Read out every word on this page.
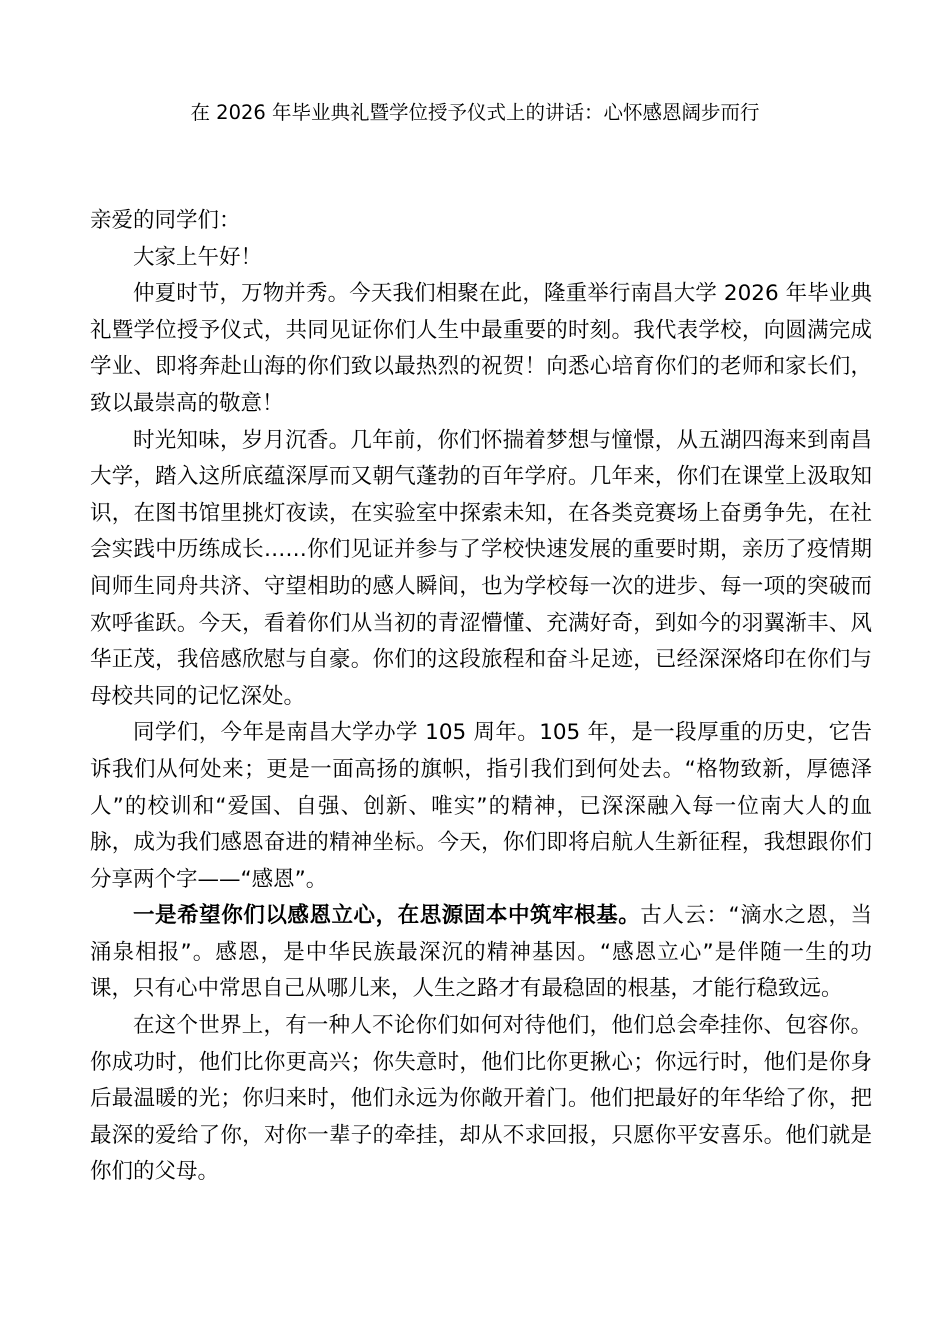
在 2026 年毕业典礼暨学位授予仪式上的讲话：心怀感恩阔步而行

亲爱的同学们：

大家上午好！

仲夏时节，万物并秀。今天我们相聚在此，隆重举行南昌大学 2026 年毕业典礼暨学位授予仪式，共同见证你们人生中最重要的时刻。我代表学校，向圆满完成学业、即将奔赴山海的你们致以最热烈的祝贺！向悉心培育你们的老师和家长们，致以最崇高的敬意！

时光知味，岁月沉香。几年前，你们怀揣着梦想与憧憬，从五湖四海来到南昌大学，踏入这所底蕴深厚而又朝气蓬勃的百年学府。几年来，你们在课堂上汲取知识，在图书馆里挑灯夜读，在实验室中探索未知，在各类竞赛场上奋勇争先，在社会实践中历练成长……你们见证并参与了学校快速发展的重要时期，亲历了疫情期间师生同舟共济、守望相助的感人瞬间，也为学校每一次的进步、每一项的突破而欢呼雀跃。今天，看着你们从当初的青涩懵懂、充满好奇，到如今的羽翼渐丰、风华正茂，我倍感欣慰与自豪。你们的这段旅程和奋斗足迹，已经深深烙印在你们与母校共同的记忆深处。

同学们，今年是南昌大学办学 105 周年。105 年，是一段厚重的历史，它告诉我们从何处来；更是一面高扬的旗帜，指引我们到何处去。“格物致新，厚德泽人”的校训和“爱国、自强、创新、唯实”的精神，已深深融入每一位南大人的血脉，成为我们感恩奋进的精神坐标。今天，你们即将启航人生新征程，我想跟你们分享两个字——“感恩”。

一是希望你们以感恩立心，在思源固本中筑牢根基。古人云：“滴水之恩，当涌泉相报”。感恩，是中华民族最深沉的精神基因。“感恩立心”是伴随一生的功课，只有心中常思自己从哪儿来，人生之路才有最稳固的根基，才能行稳致远。

在这个世界上，有一种人不论你们如何对待他们，他们总会牵挂你、包容你。你成功时，他们比你更高兴；你失意时，他们比你更揪心；你远行时，他们是你身后最温暖的光；你归来时，他们永远为你敞开着门。他们把最好的年华给了你，把最深的爱给了你，对你一辈子的牵挂，却从不求回报，只愿你平安喜乐。他们就是你们的父母。
